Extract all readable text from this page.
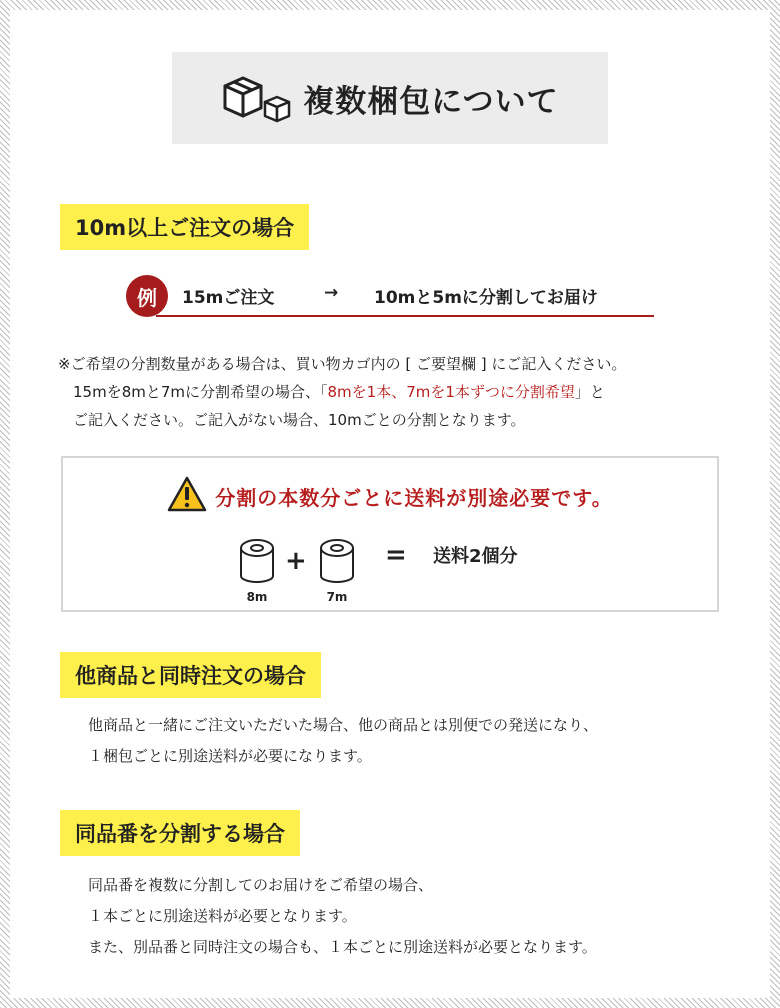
複数梱包について
10m以上ご注文の場合
例	15mご注文	→ 10mと5mに分割してお届け

※ご希望の分割数量がある場合は、買い物カゴ内の [ ご要望欄 ] にご記入ください。

15mを8mと7mに分割希望の場合、「8mを1本、7mを1本ずつに分割希望」と

ご記入ください。ご記入がない場合、10mごとの分割となります。

分割の本数分ごとに送料が別途必要です。
8m
+
7m
= 送料2個分
他商品と同時注文の場合

他商品と一緒にご注文いただいた場合、他の商品とは別便での発送になり、

１梱包ごとに別途送料が必要になります。

同品番を分割する場合

同品番を複数に分割してのお届けをご希望の場合、

１本ごとに別途送料が必要となります。

また、別品番と同時注文の場合も、１本ごとに別途送料が必要となります。
